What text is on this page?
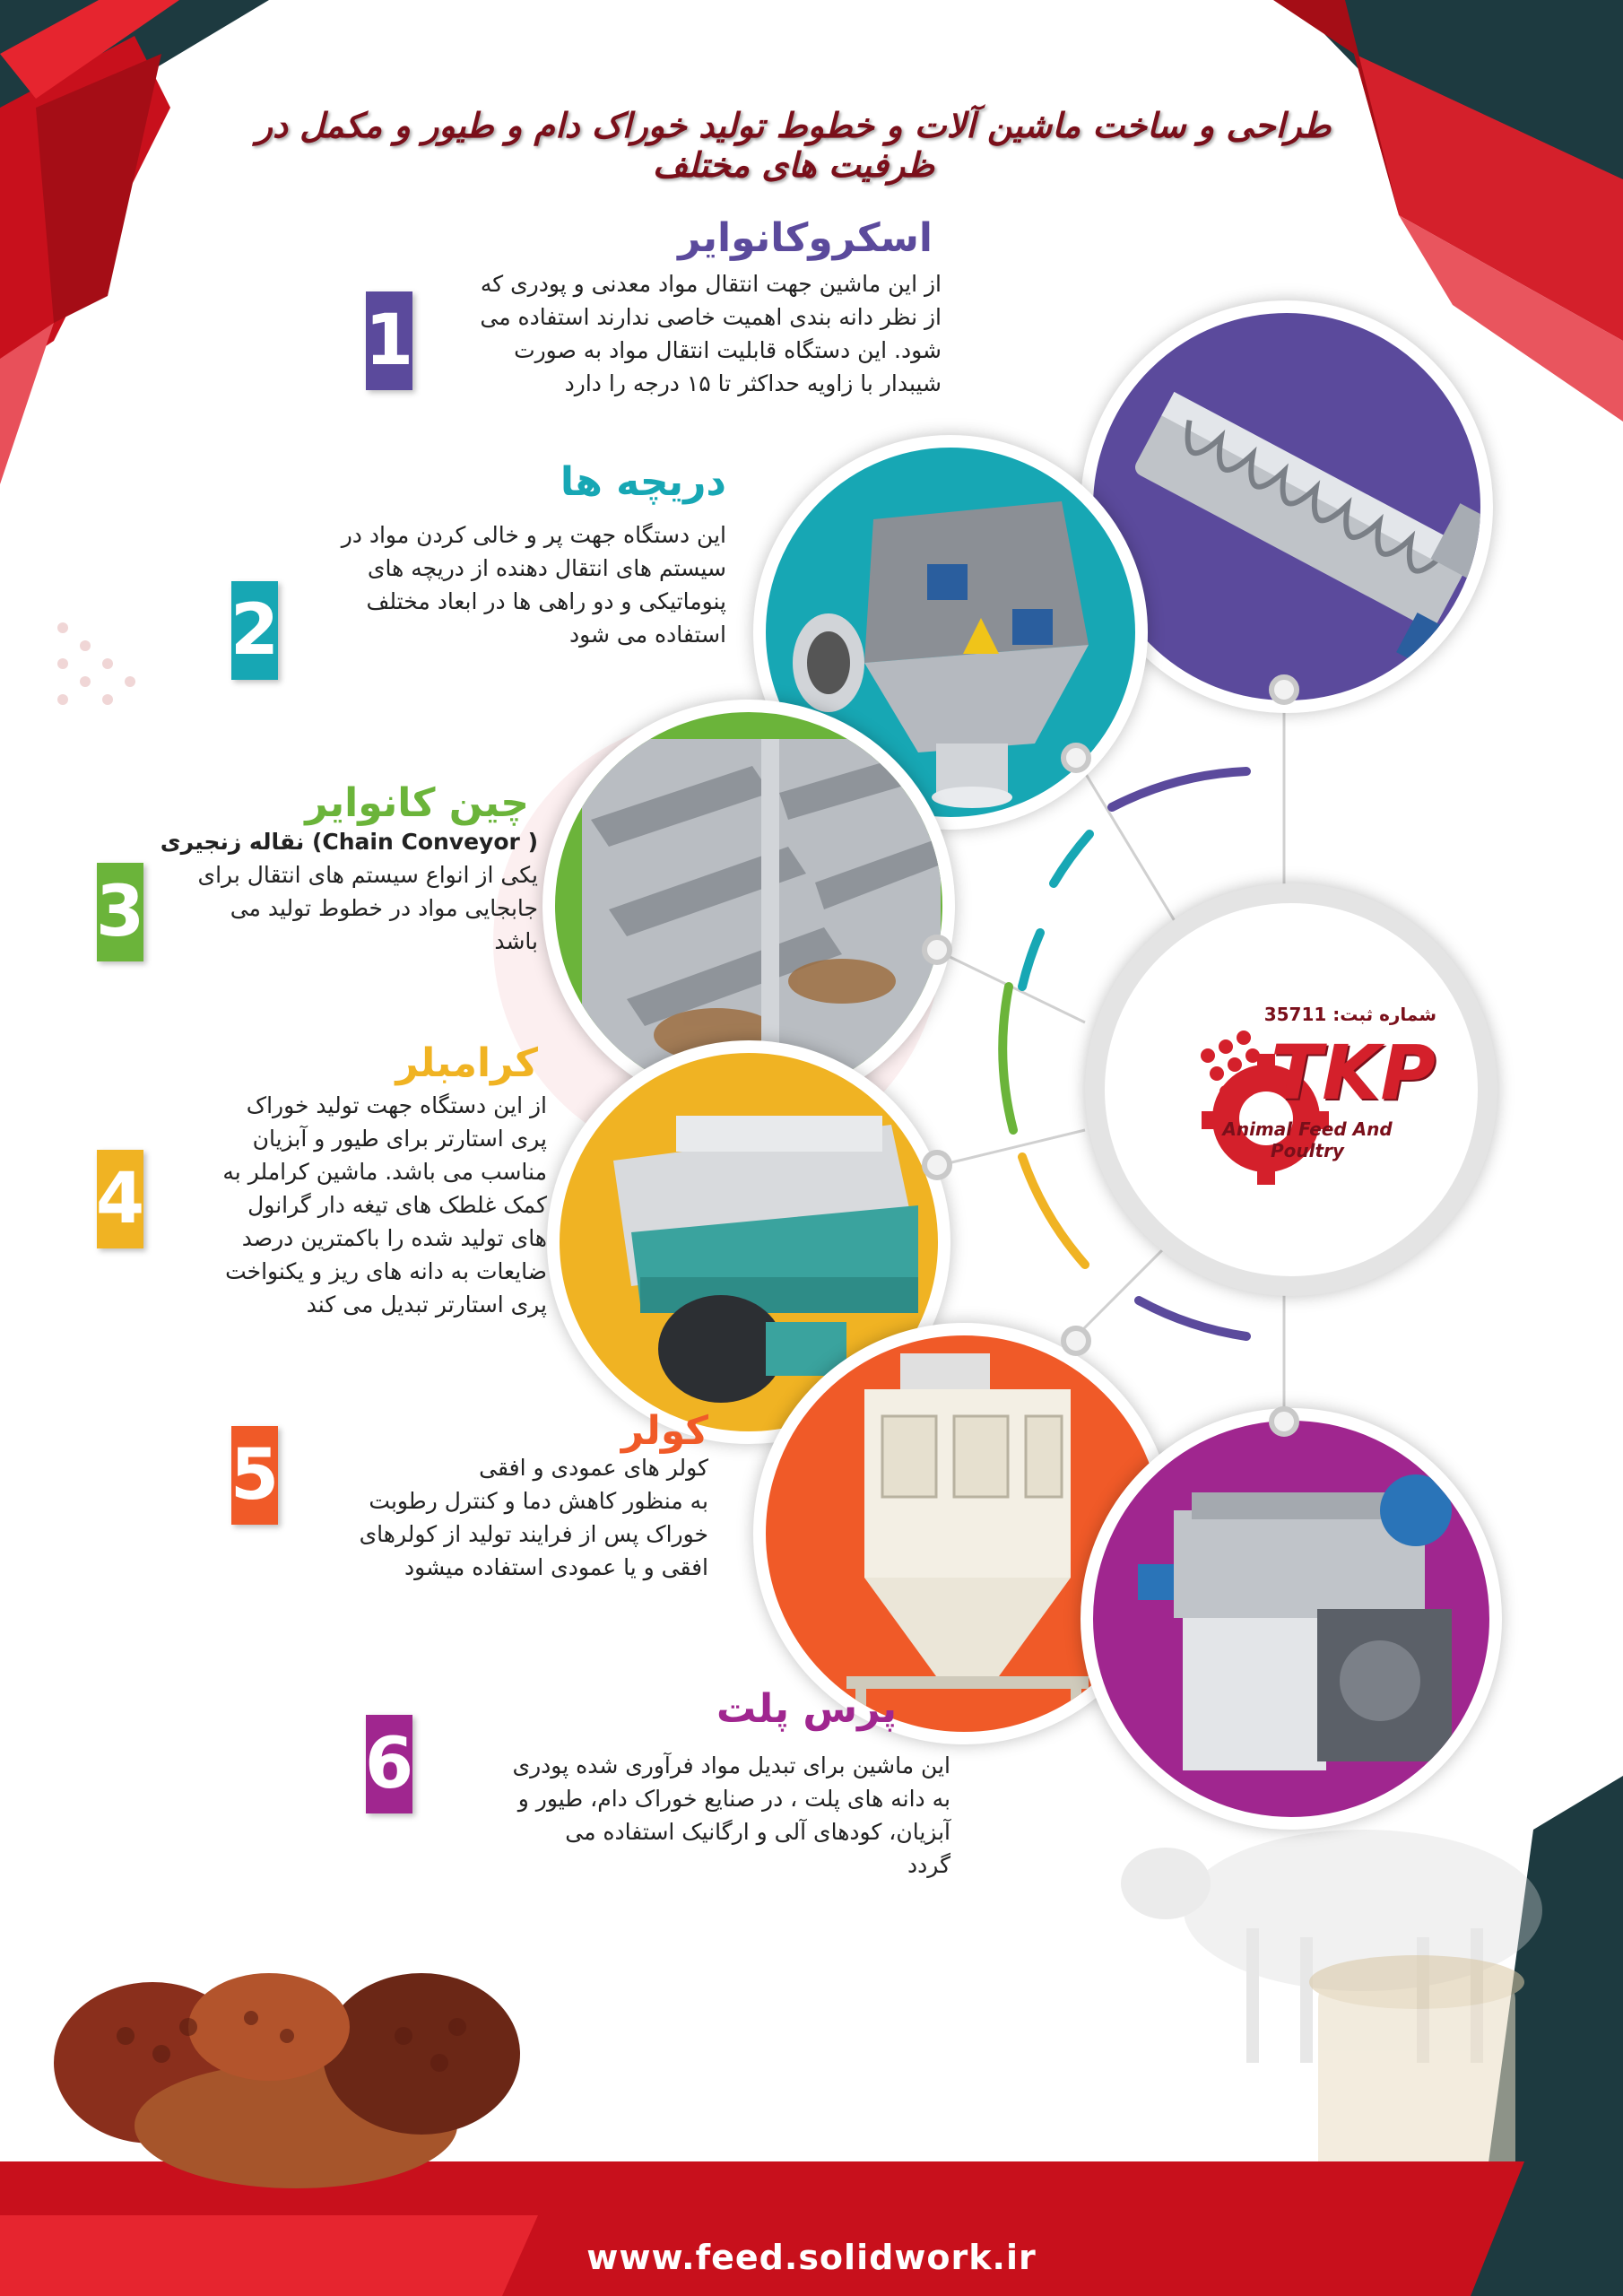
طراحی و ساخت ماشین آلات و خطوط تولید خوراک دام و طیور و مکمل در ظرفیت های مختلف
TKP
شماره ثبت: 35711
Animal Feed And Poultry
اسکروکانوایر
از این ماشین جهت انتقال مواد معدنی و پودری که
از نظر دانه بندی اهمیت خاصی ندارند استفاده می
شود. این دستگاه قابلیت انتقال مواد به صورت
شیبدار با زاویه حداکثر تا ۱۵ درجه را دارد
1
دریچه ها
این دستگاه جهت پر و خالی کردن مواد در
سیستم های انتقال دهنده از دریچه های
پنوماتیکی و دو راهی ها در ابعاد مختلف
استفاده می شود
2
چین کانوایر
( Chain Conveyor) نقاله زنجیری
یکی از انواع سیستم های انتقال برای
جابجایی مواد در خطوط تولید می
باشد
3
کرامبلر
از این دستگاه جهت تولید خوراک
پری استارتر برای طیور و آبزیان
مناسب می باشد. ماشین کراملر به
کمک غلطک های تیغه دار گرانول
های تولید شده را باکمترین درصد
ضایعات به دانه های ریز و یکنواخت
پری استارتر تبدیل می کند
4
کولر
کولر های عمودی و افقی
به منظور کاهش دما و کنترل رطوبت
خوراک پس از فرایند تولید از کولرهای
افقی و یا عمودی استفاده میشود
5
پرس پلت
این ماشین برای تبدیل مواد فرآوری شده پودری
به دانه های پلت ، در صنایع خوراک دام، طیور و
آبزیان، کودهای آلی و ارگانیک استفاده می
گردد
6
www.feed.solidwork.ir
